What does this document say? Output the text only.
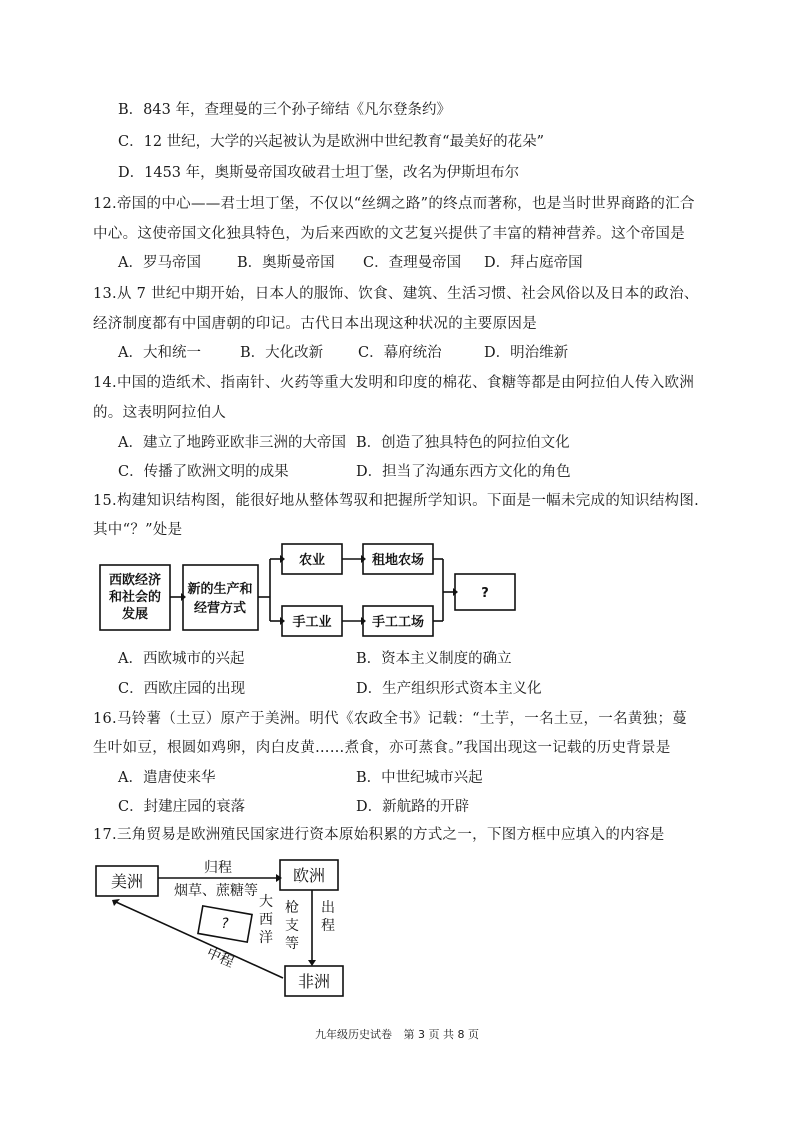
B．843 年，查理曼的三个孙子缔结《凡尔登条约》
C．12 世纪，大学的兴起被认为是欧洲中世纪教育“最美好的花朵”
D．1453 年，奥斯曼帝国攻破君士坦丁堡，改名为伊斯坦布尔
12.帝国的中心——君士坦丁堡，不仅以“丝绸之路”的终点而著称，也是当时世界商路的汇合
中心。这使帝国文化独具特色，为后来西欧的文艺复兴提供了丰富的精神营养。这个帝国是
A．罗马帝国 B．奥斯曼帝国 C．查理曼帝国 D．拜占庭帝国
13.从 7 世纪中期开始，日本人的服饰、饮食、建筑、生活习惯、社会风俗以及日本的政治、
经济制度都有中国唐朝的印记。古代日本出现这种状况的主要原因是
A．大和统一	B．大化改新 C．幕府统治	D．明治维新
14.中国的造纸术、指南针、火药等重大发明和印度的棉花、食糖等都是由阿拉伯人传入欧洲
的。这表明阿拉伯人
A．建立了地跨亚欧非三洲的大帝国 B．创造了独具特色的阿拉伯文化
C．传播了欧洲文明的成果	D．担当了沟通东西方文化的角色
15.构建知识结构图，能很好地从整体驾驭和把握所学知识。下面是一幅未完成的知识结构图.
其中“？”处是
西欧经济
和社会的
发展
新的生产和
经营方式
农业	租地农场
手工业	手工工场
?
A．西欧城市的兴起	B．资本主义制度的确立
C．西欧庄园的出现	D．生产组织形式资本主义化
16.马铃薯（土豆）原产于美洲。明代《农政全书》记载：“土芋，一名土豆，一名黄独；蔓
生叶如豆，根圆如鸡卵，肉白皮黄……煮食，亦可蒸食。”我国出现这一记载的历史背景是
A．遣唐使来华	B．中世纪城市兴起
C．封建庄园的衰落	D．新航路的开辟
17.三角贸易是欧洲殖民国家进行资本原始积累的方式之一，下图方框中应填入的内容是
美洲	欧洲
非洲
归程
烟草、蔗糖等
大
西
洋
枪
支
等
出
程
?
中程
九年级历史试卷 第 3 页 共 8 页
